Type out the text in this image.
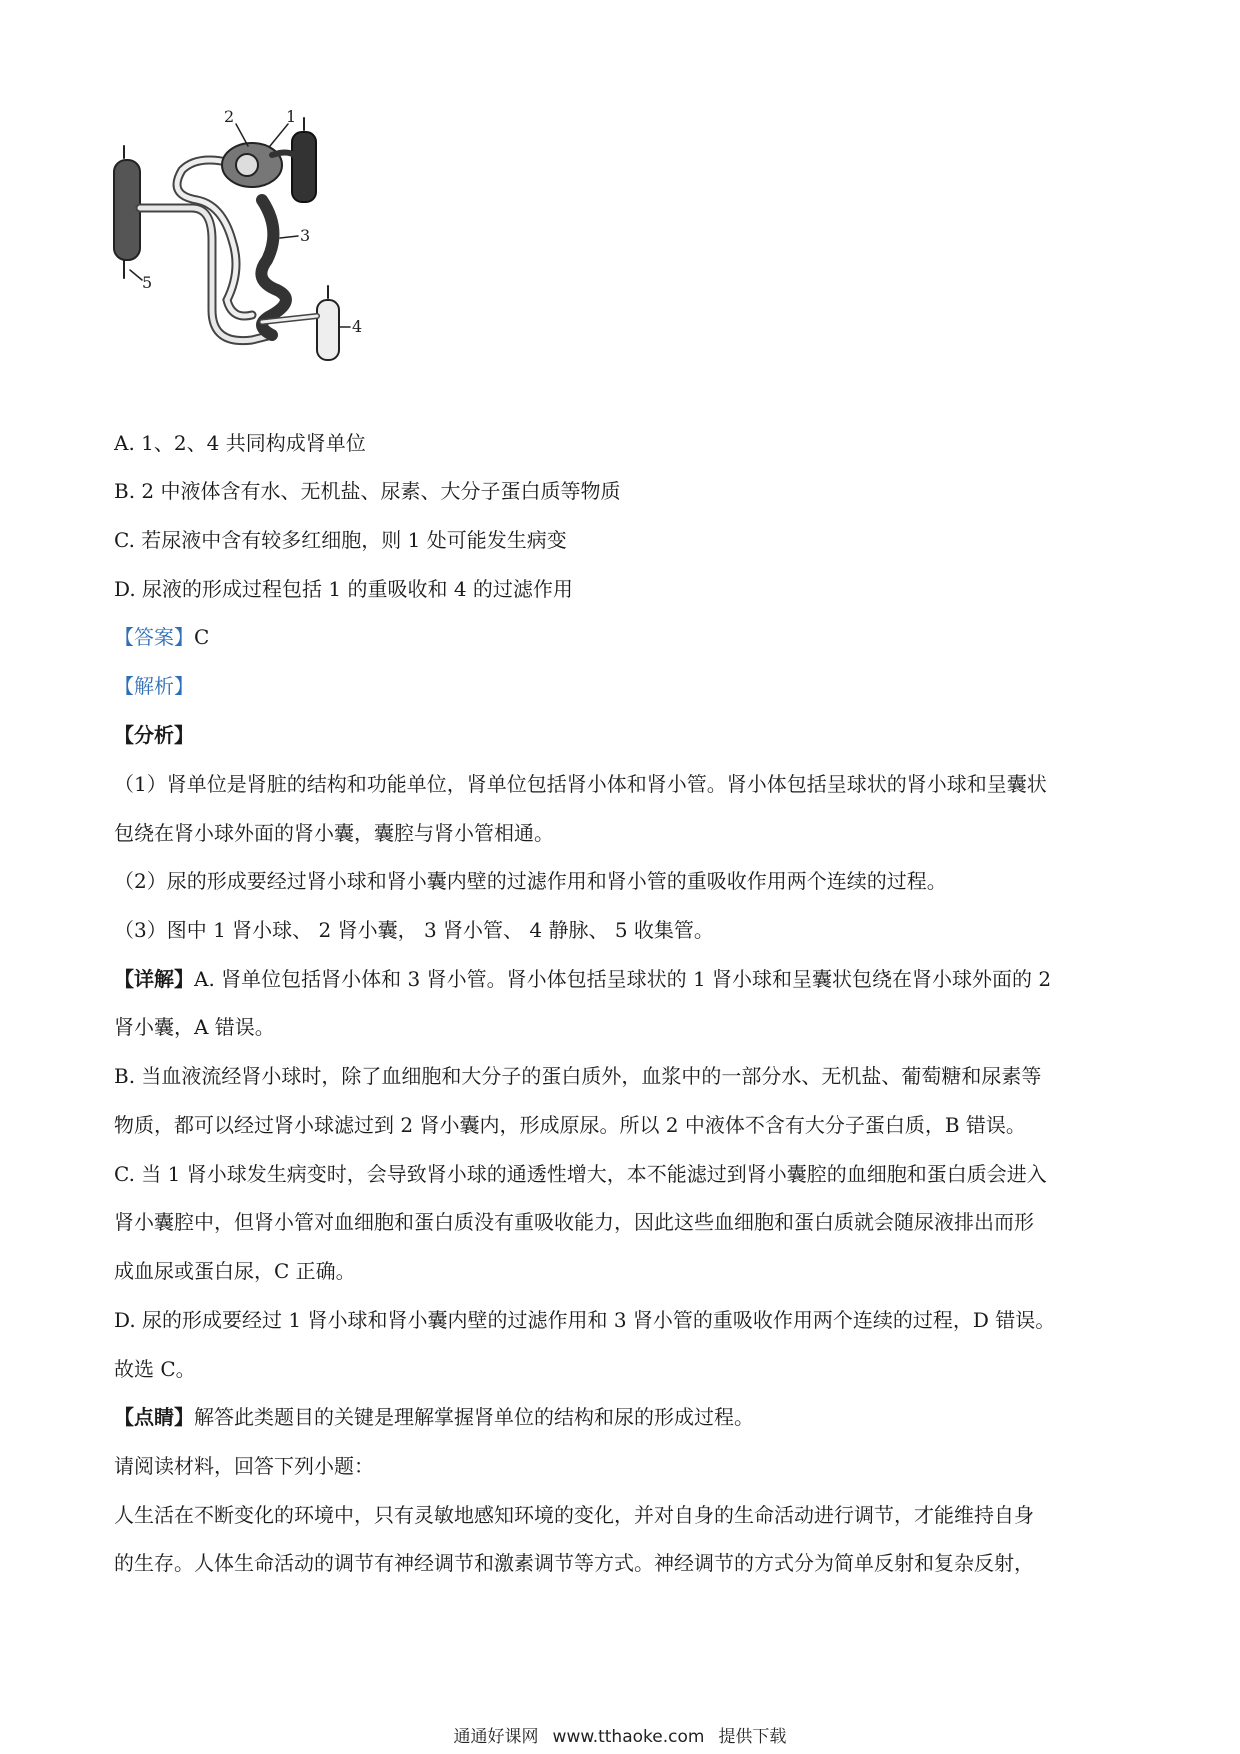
1
2
3
4
5
A. 1、2、4 共同构成肾单位
B. 2 中液体含有水、无机盐、尿素、大分子蛋白质等物质
C. 若尿液中含有较多红细胞，则 1 处可能发生病变
D. 尿液的形成过程包括 1 的重吸收和 4 的过滤作用
【答案】C
【解析】
【分析】
（1）肾单位是肾脏的结构和功能单位，肾单位包括肾小体和肾小管。肾小体包括呈球状的肾小球和呈囊状
包绕在肾小球外面的肾小囊，囊腔与肾小管相通。
（2）尿的形成要经过肾小球和肾小囊内壁的过滤作用和肾小管的重吸收作用两个连续的过程。
（3）图中 1 肾小球、 2 肾小囊， 3 肾小管、 4 静脉、 5 收集管。
【详解】A. 肾单位包括肾小体和 3 肾小管。肾小体包括呈球状的 1 肾小球和呈囊状包绕在肾小球外面的 2
肾小囊，A 错误。
B. 当血液流经肾小球时，除了血细胞和大分子的蛋白质外，血浆中的一部分水、无机盐、葡萄糖和尿素等
物质，都可以经过肾小球滤过到 2 肾小囊内，形成原尿。所以 2 中液体不含有大分子蛋白质，B 错误。
C. 当 1 肾小球发生病变时，会导致肾小球的通透性增大，本不能滤过到肾小囊腔的血细胞和蛋白质会进入
肾小囊腔中，但肾小管对血细胞和蛋白质没有重吸收能力，因此这些血细胞和蛋白质就会随尿液排出而形
成血尿或蛋白尿，C 正确。
D. 尿的形成要经过 1 肾小球和肾小囊内壁的过滤作用和 3 肾小管的重吸收作用两个连续的过程，D 错误。
故选 C。
【点睛】解答此类题目的关键是理解掌握肾单位的结构和尿的形成过程。
请阅读材料，回答下列小题：
人生活在不断变化的环境中，只有灵敏地感知环境的变化，并对自身的生命活动进行调节，才能维持自身
的生存。人体生命活动的调节有神经调节和激素调节等方式。神经调节的方式分为简单反射和复杂反射，
通通好课网 www.tthaoke.com 提供下载
